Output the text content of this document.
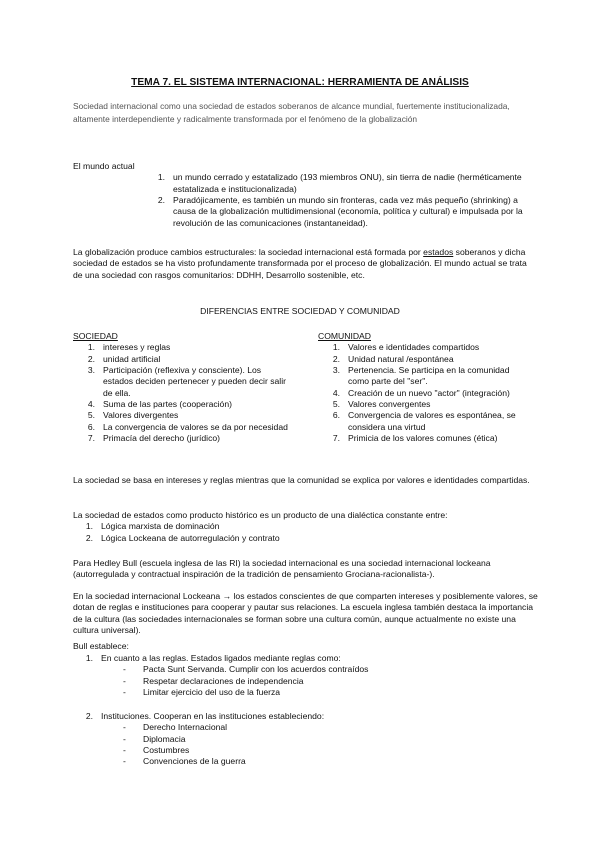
TEMA 7. EL SISTEMA INTERNACIONAL: HERRAMIENTA DE ANÁLISIS
Sociedad internacional como una sociedad de estados soberanos de alcance mundial, fuertemente institucionalizada, altamente interdependiente y radicalmente transformada por el fenómeno de la globalización
El mundo actual
1. un mundo cerrado y estatalizado (193 miembros ONU), sin tierra de nadie (herméticamente estatalizada e institucionalizada)
2. Paradójicamente, es también un mundo sin fronteras, cada vez más pequeño (shrinking) a causa de la globalización multidimensional (economía, política y cultural) e impulsada por la revolución de las comunicaciones (instantaneidad).
La globalización produce cambios estructurales: la sociedad internacional está formada por estados soberanos y dicha sociedad de estados se ha visto profundamente transformada por el proceso de globalización. El mundo actual se trata de una sociedad con rasgos comunitarios: DDHH, Desarrollo sostenible, etc.
DIFERENCIAS ENTRE SOCIEDAD Y COMUNIDAD
SOCIEDAD
1. intereses y reglas
2. unidad artificial
3. Participación (reflexiva y consciente). Los estados deciden pertenecer y pueden decir salir de ella.
4. Suma de las partes (cooperación)
5. Valores divergentes
6. La convergencia de valores se da por necesidad
7. Primacía del derecho (jurídico)
COMUNIDAD
1. Valores e identidades compartidos
2. Unidad natural /espontánea
3. Pertenencia. Se participa en la comunidad como parte del "ser".
4. Creación de un nuevo "actor" (integración)
5. Valores convergentes
6. Convergencia de valores es espontánea, se considera una virtud
7. Primicia de los valores comunes (ética)
La sociedad se basa en intereses y reglas mientras que la comunidad se explica por valores e identidades compartidas.
La sociedad de estados como producto histórico es un producto de una dialéctica constante entre:
1. Lógica marxista de dominación
2. Lógica Lockeana de autorregulación y contrato
Para Hedley Bull (escuela inglesa de las RI) la sociedad internacional es una sociedad internacional lockeana (autorregulada y contractual inspiración de la tradición de pensamiento Grociana-racionalista-).
En la sociedad internacional Lockeana → los estados conscientes de que comparten intereses y posiblemente valores, se dotan de reglas e instituciones para cooperar y pautar sus relaciones. La escuela inglesa también destaca la importancia de la cultura (las sociedades internacionales se forman sobre una cultura común, aunque actualmente no existe una cultura universal).
Bull establece:
1. En cuanto a las reglas. Estados ligados mediante reglas como:
- Pacta Sunt Servanda. Cumplir con los acuerdos contraídos
- Respetar declaraciones de independencia
- Limitar ejercicio del uso de la fuerza
2. Instituciones. Cooperan en las instituciones estableciendo:
- Derecho Internacional
- Diplomacia
- Costumbres
- Convenciones de la guerra
